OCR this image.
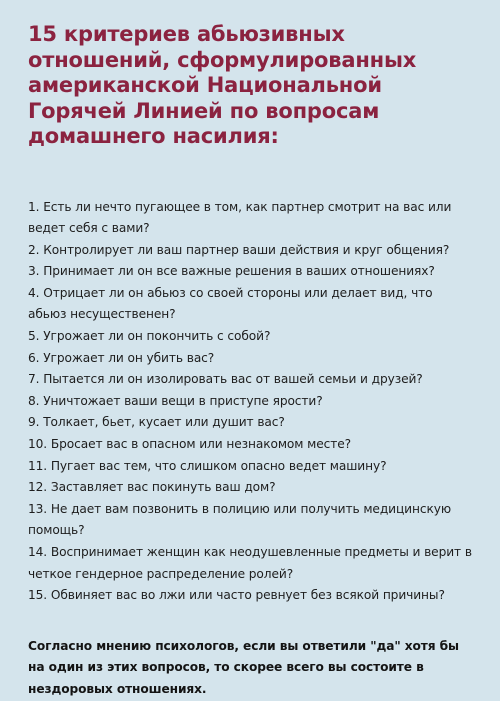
15 критериев абьюзивных отношений, сформулированных американской Национальной Горячей Линией по вопросам домашнего насилия:
1. Есть ли нечто пугающее в том, как партнер смотрит на вас или ведет себя с вами?
2. Контролирует ли ваш партнер ваши действия и круг общения?
3. Принимает ли он все важные решения в ваших отношениях?
4. Отрицает ли он абьюз со своей стороны или делает вид, что абьюз несущественен?
5. Угрожает ли он покончить с собой?
6. Угрожает ли он убить вас?
7. Пытается ли он изолировать вас от вашей семьи и друзей?
8. Уничтожает ваши вещи в приступе ярости?
9. Толкает, бьет, кусает или душит вас?
10. Бросает вас в опасном или незнакомом месте?
11. Пугает вас тем, что слишком опасно ведет машину?
12. Заставляет вас покинуть ваш дом?
13. Не дает вам позвонить в полицию или получить медицинскую помощь?
14. Воспринимает женщин как неодушевленные предметы и верит в четкое гендерное распределение ролей?
15. Обвиняет вас во лжи или часто ревнует без всякой причины?

Согласно мнению психологов, если вы ответили "да" хотя бы на один из этих вопросов, то скорее всего вы состоите в нездоровых отношениях.
